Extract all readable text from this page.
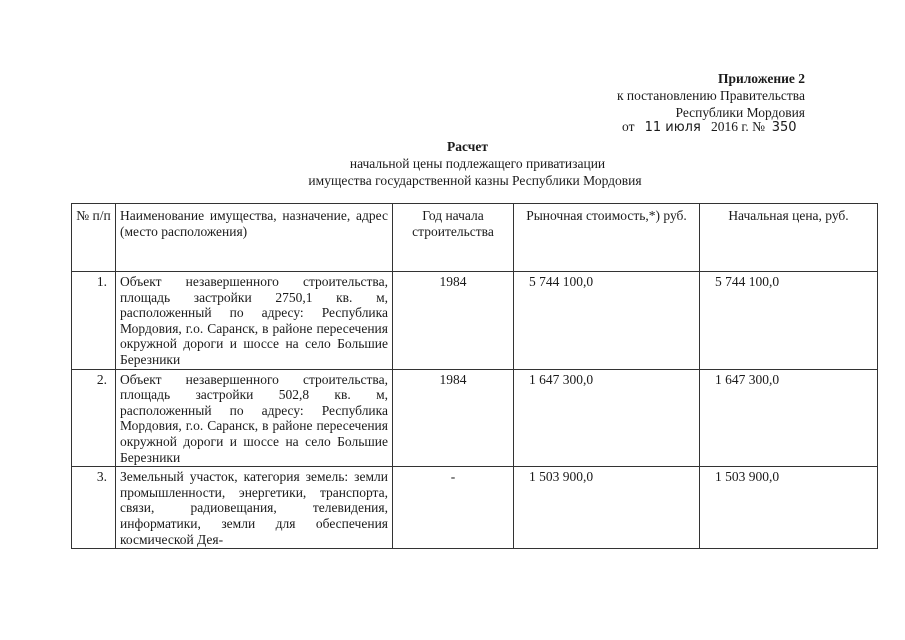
Приложение 2
к постановлению Правительства
Республики Мордовия
от 11 июля 2016 г. № 350
Расчет
начальной цены подлежащего приватизации
имущества государственной казны Республики Мордовия
№ п/п	Наименование имущества, назначение, адрес (место расположения)	Год начала строительства	Рыночная стоимость,*) руб.	Начальная цена, руб.
1.	Объект незавершенного строительства, площадь застройки 2750,1 кв. м, расположенный по адресу: Республика Мордовия, г.о. Саранск, в районе пересечения окружной дороги и шоссе на село Большие Березники	1984	5 744 100,0	5 744 100,0
2.	Объект незавершенного строительства, площадь застройки 502,8 кв. м, расположенный по адресу: Республика Мордовия, г.о. Саранск, в районе пересечения окружной дороги и шоссе на село Большие Березники	1984	1 647 300,0	1 647 300,0
3.	Земельный участок, категория земель: земли промышленности, энергетики, транспорта, связи, радиовещания, телевидения, информатики, земли для обеспечения космической Дея-	-	1 503 900,0	1 503 900,0
